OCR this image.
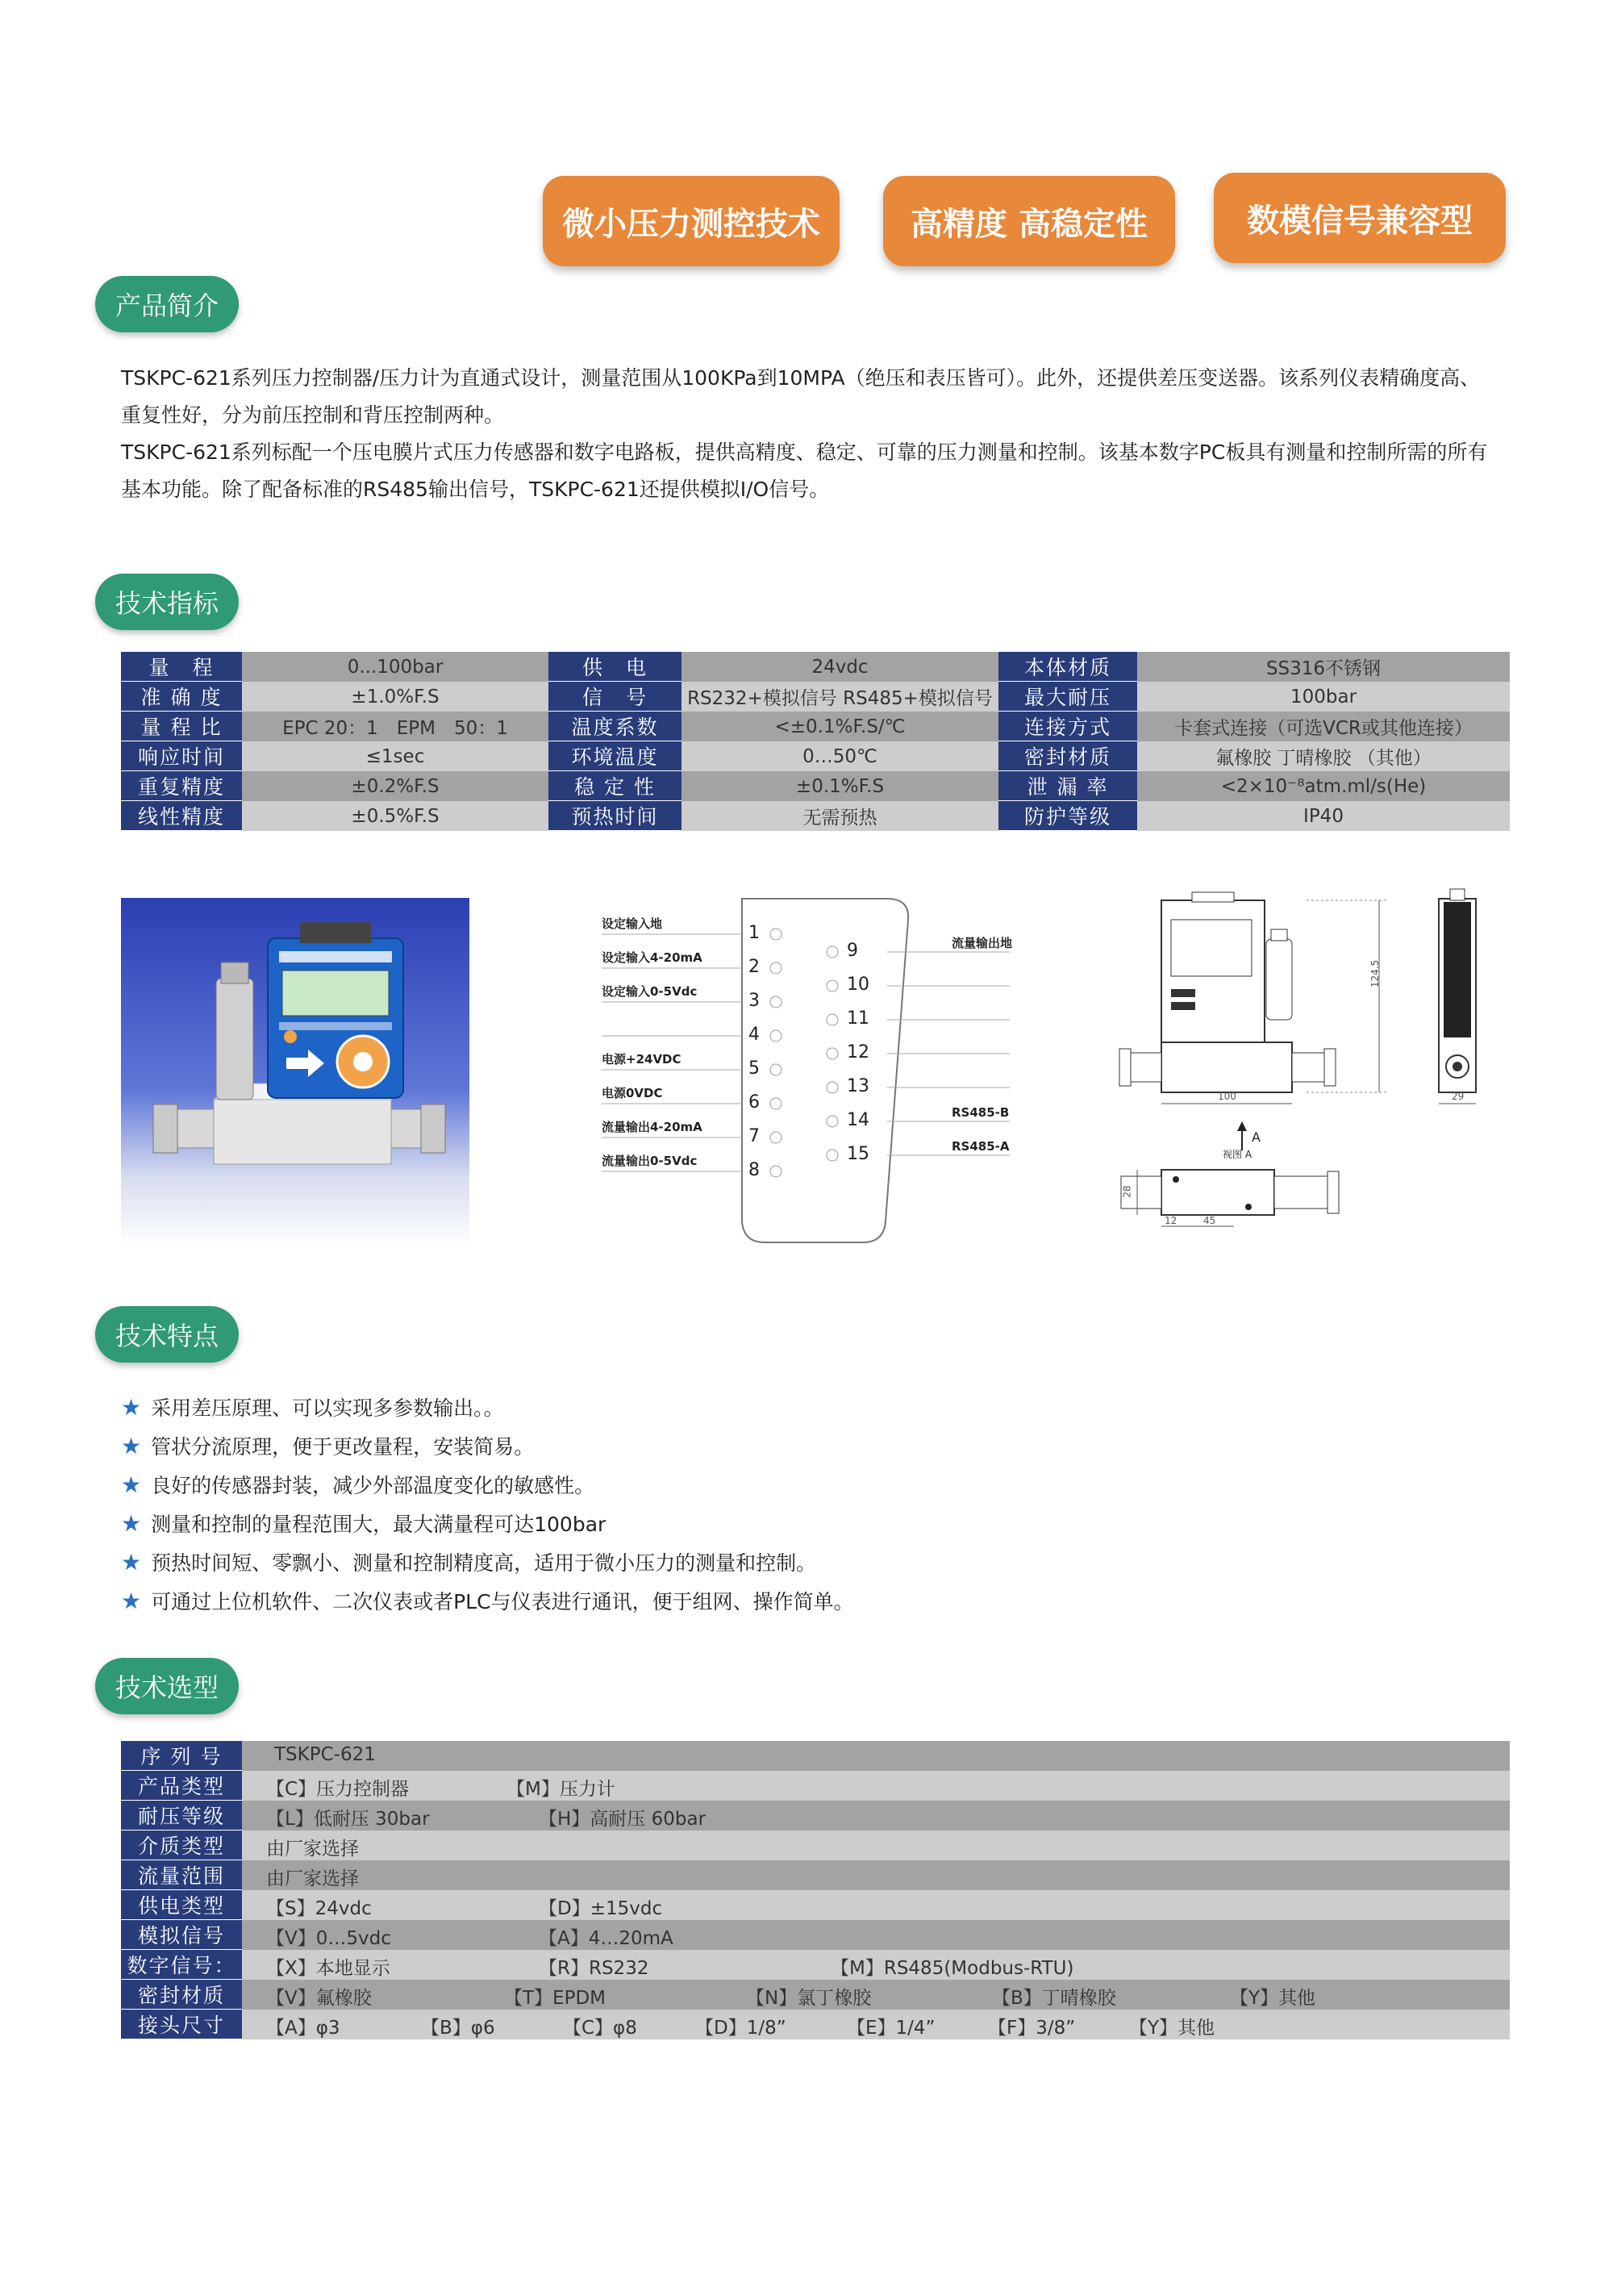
微小压力测控技术	高精度 高稳定性	数模信号兼容型
产品简介
TSKPC-621系列压力控制器/压力计为直通式设计，测量范围从100KPa到10MPA（绝压和表压皆可）。此外，还提供差压变送器。该系列仪表精确度高、重复性好，分为前压控制和背压控制两种。
TSKPC-621系列标配一个压电膜片式压力传感器和数字电路板，提供高精度、稳定、可靠的压力测量和控制。该基本数字PC板具有测量和控制所需的所有基本功能。除了配备标准的RS485输出信号，TSKPC-621还提供模拟I/O信号。
技术指标
量　程	0...100bar	供　电	24vdc	本体材质	SS316不锈钢
准 确 度	±1.0%F.S	信　号	RS232+模拟信号 RS485+模拟信号	最大耐压	100bar
量 程 比	EPC 20：1　EPM　50：1	温度系数	<±0.1%F.S/℃	连接方式	卡套式连接（可选VCR或其他连接）
响应时间	≤1sec	环境温度	0…50℃	密封材质	氟橡胶 丁晴橡胶 （其他）
重复精度	±0.2%F.S	稳 定 性	±0.1%F.S	泄 漏 率	<2×10⁻⁸atm.ml/s(He)
线性精度	±0.5%F.S	预热时间	无需预热	防护等级	IP40
流量输出地
RS485-B
RS485-A
1
设定输入地
2
设定输入4-20mA
3
设定输入0-5Vdc
4
5
电源+24VDC
6
电源0VDC
7
流量输出4-20mA
8
流量输出0-5Vdc
9
10
11
12
13
14
15
124.5
100	29
A
视图 A
12	45
28
技术特点
★ 采用差压原理、可以实现多参数输出。。
★ 管状分流原理，便于更改量程，安装简易。
★ 良好的传感器封装，减少外部温度变化的敏感性。
★ 测量和控制的量程范围大，最大满量程可达100bar
★ 预热时间短、零飘小、测量和控制精度高，适用于微小压力的测量和控制。
★ 可通过上位机软件、二次仪表或者PLC与仪表进行通讯，便于组网、操作简单。
技术选型
序 列 号	TSKPC-621
产品类型	【C】压力控制器	【M】压力计
耐压等级	【L】低耐压 30bar	【H】高耐压 60bar
介质类型	由厂家选择
流量范围	由厂家选择
供电类型	【S】24vdc	【D】±15vdc
模拟信号	【V】0…5vdc	【A】4…20mA
数字信号：	【X】本地显示	【R】RS232	【M】RS485(Modbus-RTU)
密封材质	【V】氟橡胶	【T】EPDM	【N】氯丁橡胶	【B】丁晴橡胶	【Y】其他
接头尺寸	【A】φ3	【B】φ6	【C】φ8	【D】1/8”	【E】1/4”	【F】3/8”	【Y】其他
